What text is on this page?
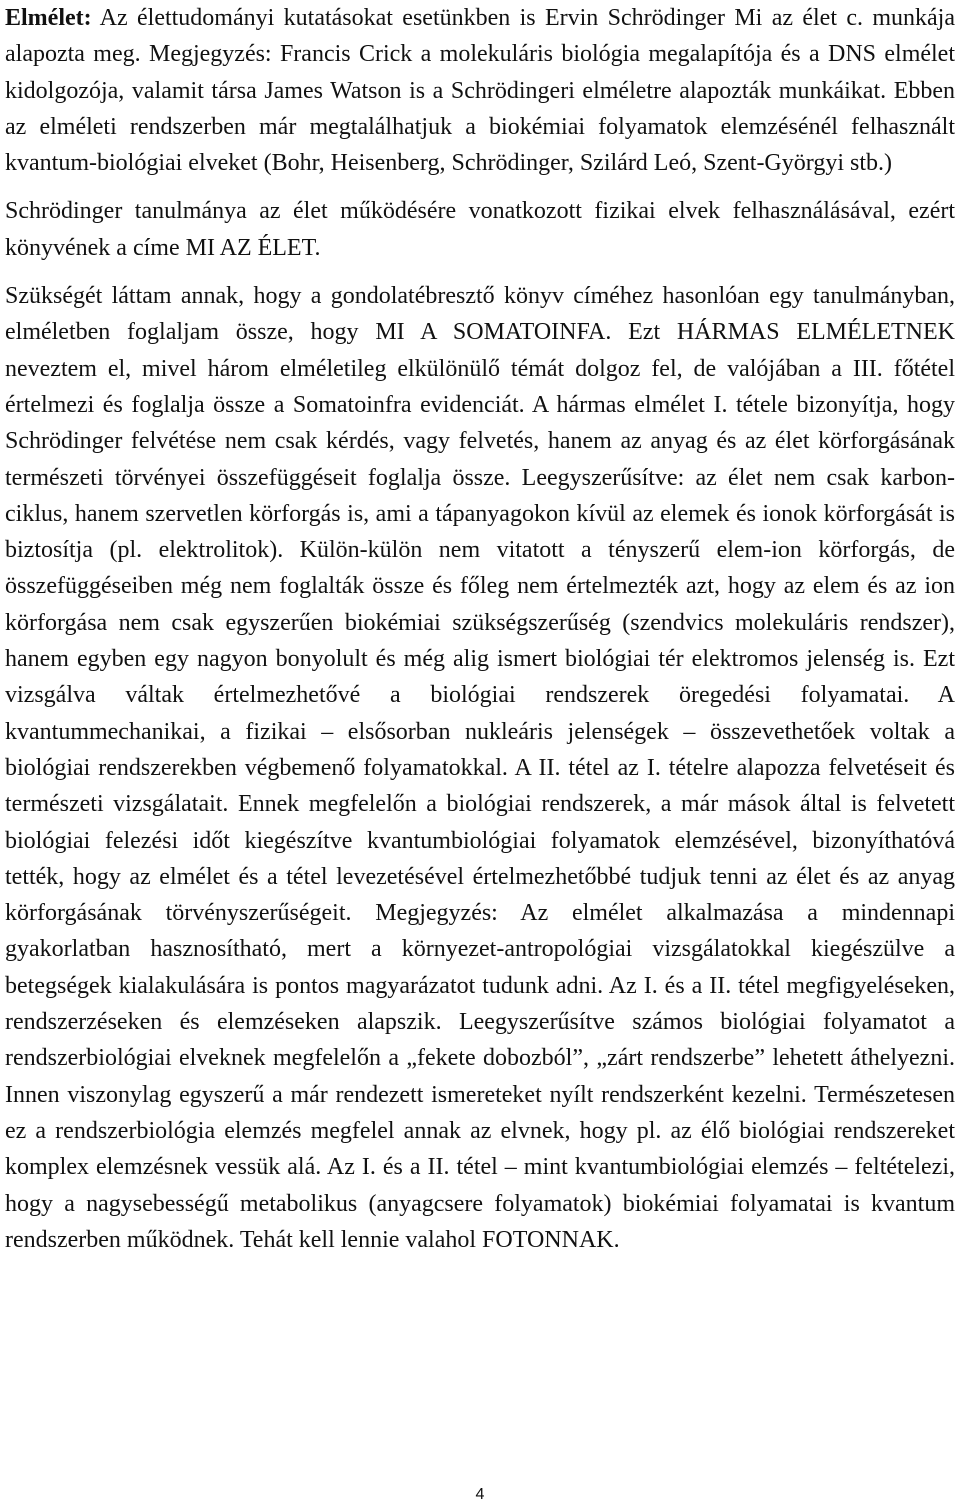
Elmélet: Az élettudományi kutatásokat esetünkben is Ervin Schrödinger Mi az élet c. munkája alapozta meg. Megjegyzés: Francis Crick a molekuláris biológia megalapítója és a DNS elmélet kidolgozója, valamit társa James Watson is a Schrödingeri elméletre alapozták munkáikat. Ebben az elméleti rendszerben már megtalálhatjuk a biokémiai folyamatok elemzésénél felhasznált kvantum-biológiai elveket (Bohr, Heisenberg, Schrödinger, Szilárd Leó, Szent-Györgyi stb.)

Schrödinger tanulmánya az élet működésére vonatkozott fizikai elvek felhasználásával, ezért könyvének a címe MI AZ ÉLET.

Szükségét láttam annak, hogy a gondolatébresztő könyv címéhez hasonlóan egy tanulmányban, elméletben foglaljam össze, hogy MI A SOMATOINFA. Ezt HÁRMAS ELMÉLETNEK neveztem el, mivel három elméletileg elkülönülő témát dolgoz fel, de valójában a III. főtétel értelmezi és foglalja össze a Somatoinfra evidenciát. A hármas elmélet I. tétele bizonyítja, hogy Schrödinger felvétése nem csak kérdés, vagy felvetés, hanem az anyag és az élet körforgásának természeti törvényei összefüggéseit foglalja össze. Leegyszerűsítve: az élet nem csak karbon-ciklus, hanem szervetlen körforgás is, ami a tápanyagokon kívül az elemek és ionok körforgását is biztosítja (pl. elektrolitok). Külön-külön nem vitatott a tényszerű elem-ion körforgás, de összefüggéseiben még nem foglalták össze és főleg nem értelmezték azt, hogy az elem és az ion körforgása nem csak egyszerűen biokémiai szükségszerűség (szendvics molekuláris rendszer), hanem egyben egy nagyon bonyolult és még alig ismert biológiai tér elektromos jelenség is. Ezt vizsgálva váltak értelmezhetővé a biológiai rendszerek öregedési folyamatai. A kvantummechanikai, a fizikai – elsősorban nukleáris jelenségek – összevethetőek voltak a biológiai rendszerekben végbemenő folyamatokkal. A II. tétel az I. tételre alapozza felvetéseit és természeti vizsgálatait. Ennek megfelelőn a biológiai rendszerek, a már mások által is felvetett biológiai felezési időt kiegészítve kvantumbiológiai folyamatok elemzésével, bizonyíthatóvá tették, hogy az elmélet és a tétel levezetésével értelmezhetőbbé tudjuk tenni az élet és az anyag körforgásának törvényszerűségeit. Megjegyzés: Az elmélet alkalmazása a mindennapi gyakorlatban hasznosítható, mert a környezet-antropológiai vizsgálatokkal kiegészülve a betegségek kialakulására is pontos magyarázatot tudunk adni. Az I. és a II. tétel megfigyeléseken, rendszerzéseken és elemzéseken alapszik. Leegyszerűsítve számos biológiai folyamatot a rendszerbiológiai elveknek megfelelőn a „fekete dobozból”, „zárt rendszerbe” lehetett áthelyezni. Innen viszonylag egyszerű a már rendezett ismereteket nyílt rendszerként kezelni. Természetesen ez a rendszerbiológia elemzés megfelel annak az elvnek, hogy pl. az élő biológiai rendszereket komplex elemzésnek vessük alá. Az I. és a II. tétel – mint kvantumbiológiai elemzés – feltételezi, hogy a nagysebességű metabolikus (anyagcsere folyamatok) biokémiai folyamatai is kvantum rendszerben működnek. Tehát kell lennie valahol FOTONNAK.

4
